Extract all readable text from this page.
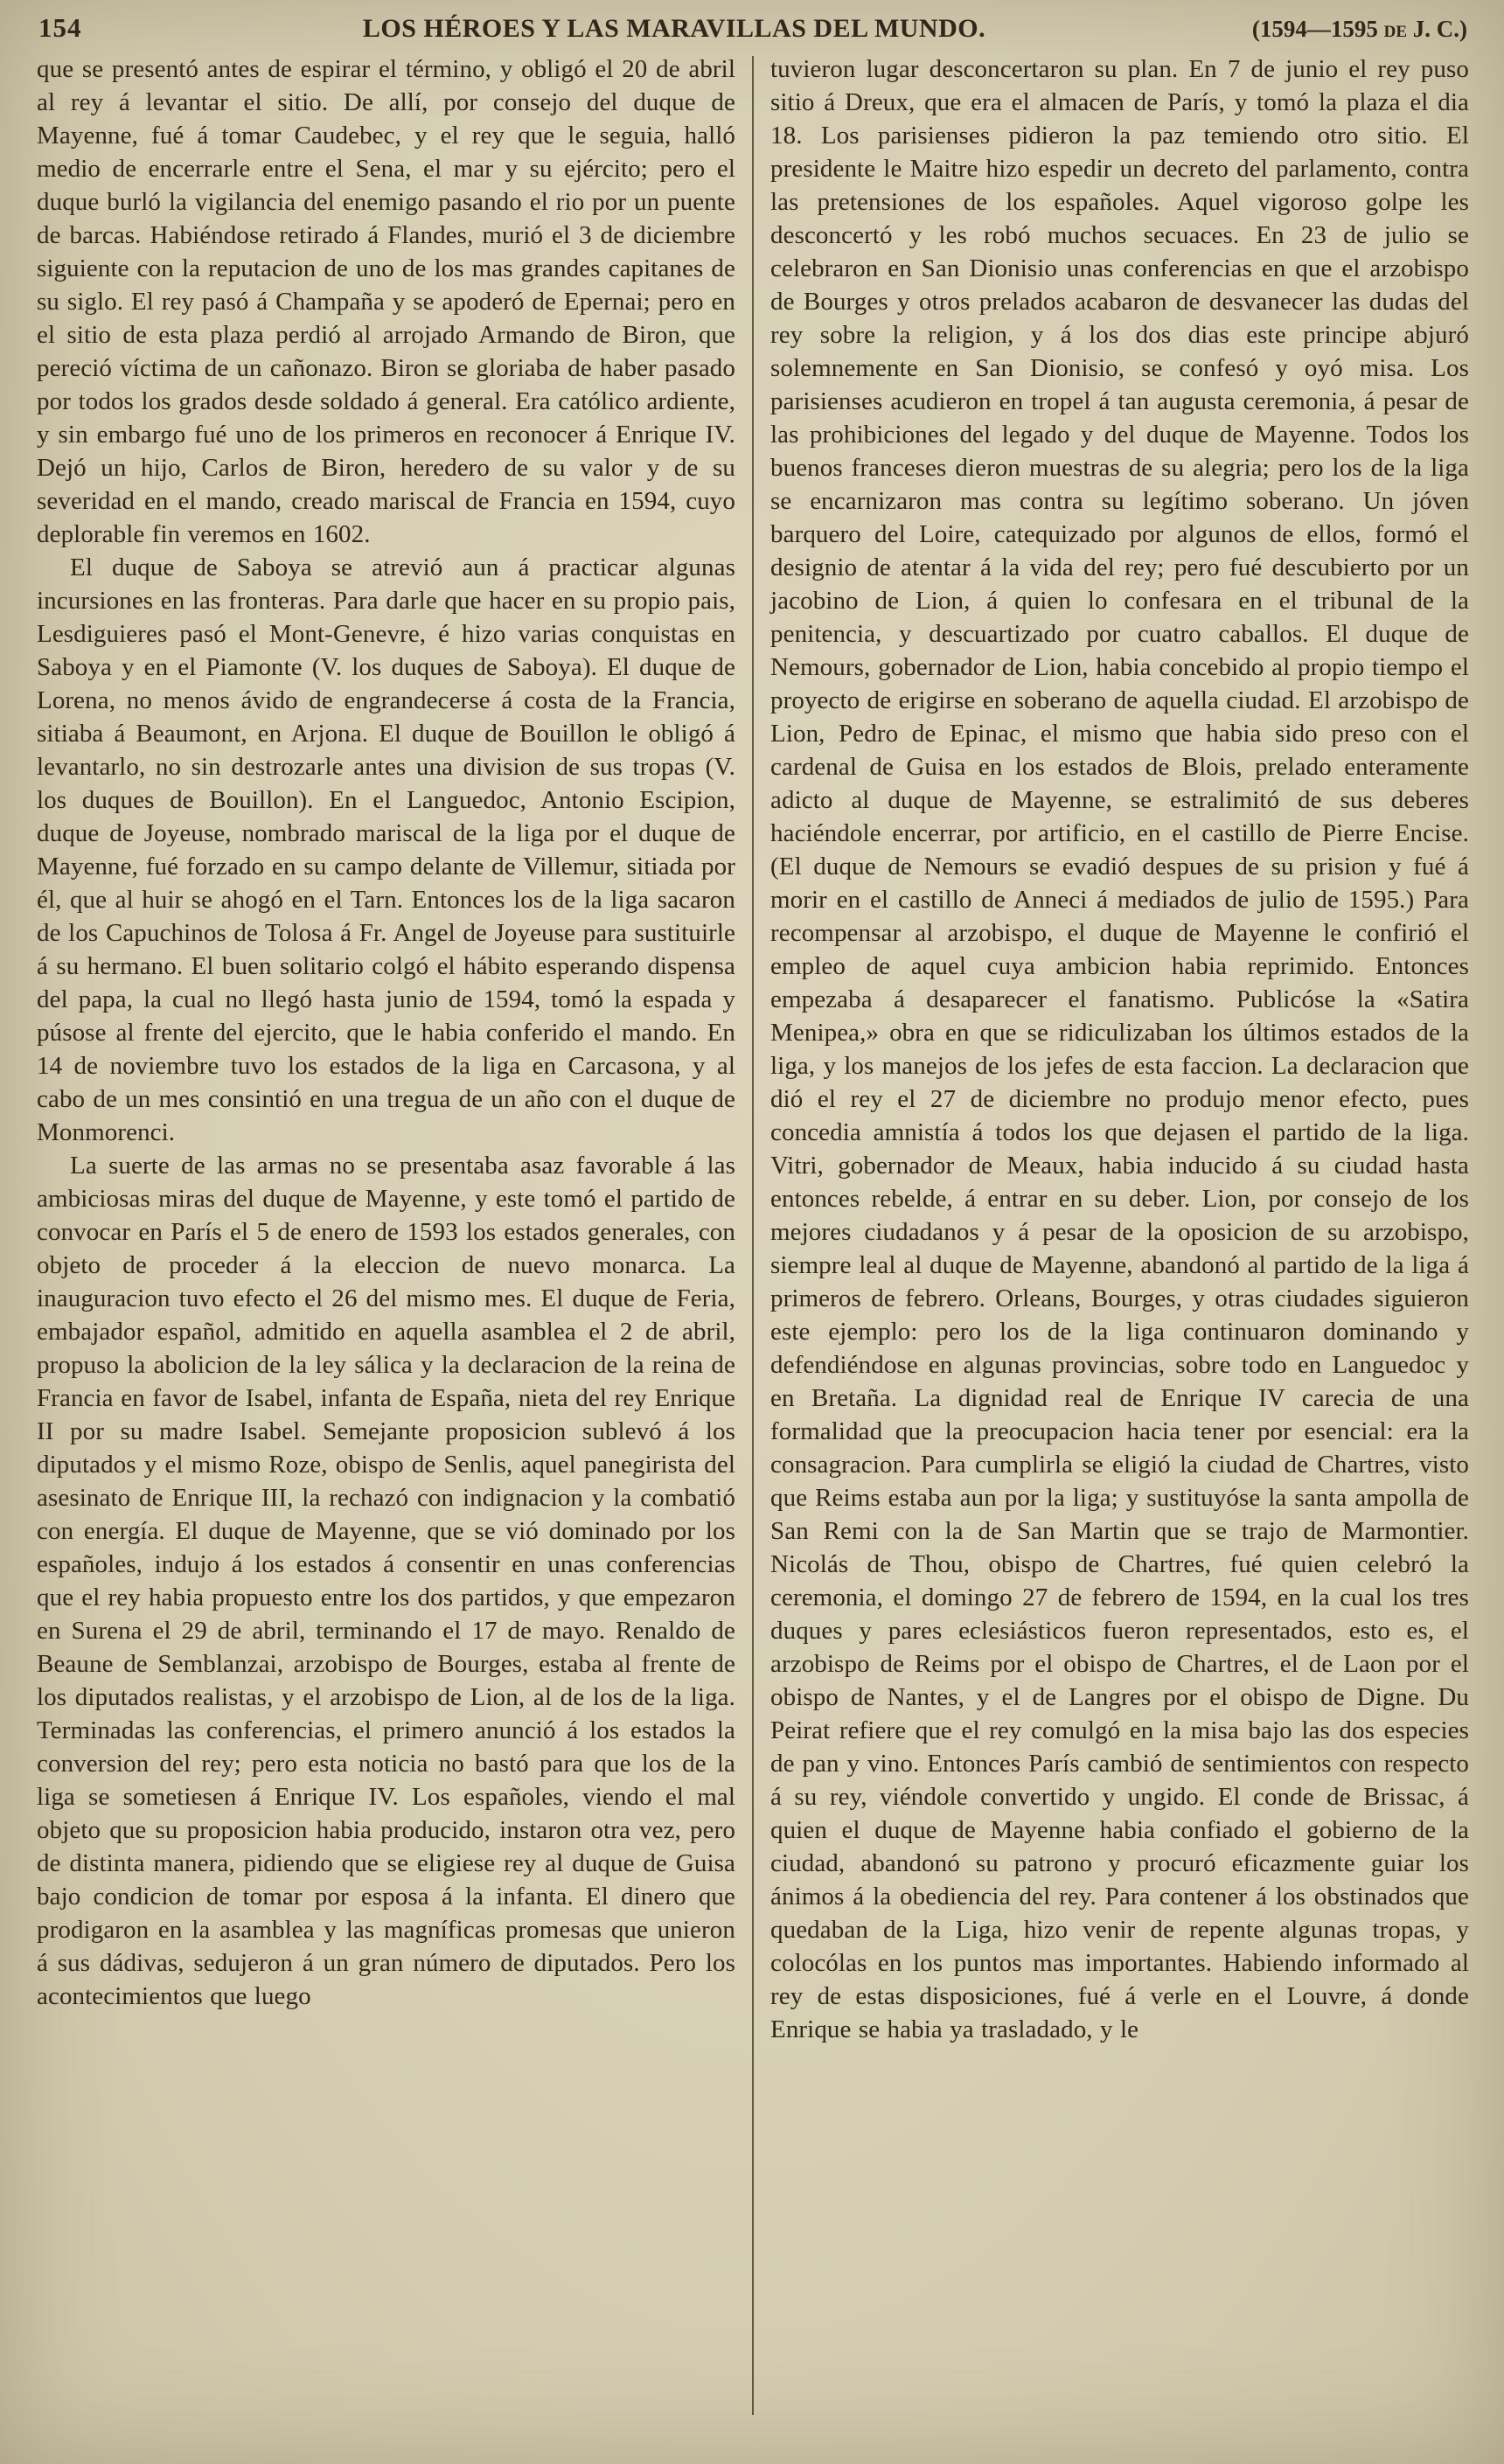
154	LOS HÉROES Y LAS MARAVILLAS DEL MUNDO.	(1594—1595 de J. C.)

que se presentó antes de espirar el término, y obligó el 20 de abril al rey á levantar el sitio. De allí, por consejo del duque de Mayenne, fué á tomar Caudebec, y el rey que le seguia, halló medio de encerrarle entre el Sena, el mar y su ejército; pero el duque burló la vigilancia del enemigo pasando el rio por un puente de barcas. Habiéndose retirado á Flandes, murió el 3 de diciembre siguiente con la reputacion de uno de los mas grandes capitanes de su siglo. El rey pasó á Champaña y se apoderó de Epernai; pero en el sitio de esta plaza perdió al arrojado Armando de Biron, que pereció víctima de un cañonazo. Biron se gloriaba de haber pasado por todos los grados desde soldado á general. Era católico ardiente, y sin embargo fué uno de los primeros en reconocer á Enrique IV. Dejó un hijo, Carlos de Biron, heredero de su valor y de su severidad en el mando, creado mariscal de Francia en 1594, cuyo deplorable fin veremos en 1602.

El duque de Saboya se atrevió aun á practicar algunas incursiones en las fronteras. Para darle que hacer en su propio pais, Lesdiguieres pasó el Mont-Genevre, é hizo varias conquistas en Saboya y en el Piamonte (V. los duques de Saboya). El duque de Lorena, no menos ávido de engrandecerse á costa de la Francia, sitiaba á Beaumont, en Arjona. El duque de Bouillon le obligó á levantarlo, no sin destrozarle antes una division de sus tropas (V. los duques de Bouillon). En el Languedoc, Antonio Escipion, duque de Joyeuse, nombrado mariscal de la liga por el duque de Mayenne, fué forzado en su campo delante de Villemur, sitiada por él, que al huir se ahogó en el Tarn. Entonces los de la liga sacaron de los Capuchinos de Tolosa á Fr. Angel de Joyeuse para sustituirle á su hermano. El buen solitario colgó el hábito esperando dispensa del papa, la cual no llegó hasta junio de 1594, tomó la espada y púsose al frente del ejercito, que le habia conferido el mando. En 14 de noviembre tuvo los estados de la liga en Carcasona, y al cabo de un mes consintió en una tregua de un año con el duque de Monmorenci.

La suerte de las armas no se presentaba asaz favorable á las ambiciosas miras del duque de Mayenne, y este tomó el partido de convocar en París el 5 de enero de 1593 los estados generales, con objeto de proceder á la eleccion de nuevo monarca. La inauguracion tuvo efecto el 26 del mismo mes. El duque de Feria, embajador español, admitido en aquella asamblea el 2 de abril, propuso la abolicion de la ley sálica y la declaracion de la reina de Francia en favor de Isabel, infanta de España, nieta del rey Enrique II por su madre Isabel. Semejante proposicion sublevó á los diputados y el mismo Roze, obispo de Senlis, aquel panegirista del asesinato de Enrique III, la rechazó con indignacion y la combatió con energía. El duque de Mayenne, que se vió dominado por los españoles, indujo á los estados á consentir en unas conferencias que el rey habia propuesto entre los dos partidos, y que empezaron en Surena el 29 de abril, terminando el 17 de mayo. Renaldo de Beaune de Semblanzai, arzobispo de Bourges, estaba al frente de los diputados realistas, y el arzobispo de Lion, al de los de la liga. Terminadas las conferencias, el primero anunció á los estados la conversion del rey; pero esta noticia no bastó para que los de la liga se sometiesen á Enrique IV. Los españoles, viendo el mal objeto que su proposicion habia producido, instaron otra vez, pero de distinta manera, pidiendo que se eligiese rey al duque de Guisa bajo condicion de tomar por esposa á la infanta. El dinero que prodigaron en la asamblea y las magníficas promesas que unieron á sus dádivas, sedujeron á un gran número de diputados. Pero los acontecimientos que luego

tuvieron lugar desconcertaron su plan. En 7 de junio el rey puso sitio á Dreux, que era el almacen de París, y tomó la plaza el dia 18. Los parisienses pidieron la paz temiendo otro sitio. El presidente le Maitre hizo espedir un decreto del parlamento, contra las pretensiones de los españoles. Aquel vigoroso golpe les desconcertó y les robó muchos secuaces. En 23 de julio se celebraron en San Dionisio unas conferencias en que el arzobispo de Bourges y otros prelados acabaron de desvanecer las dudas del rey sobre la religion, y á los dos dias este principe abjuró solemnemente en San Dionisio, se confesó y oyó misa. Los parisienses acudieron en tropel á tan augusta ceremonia, á pesar de las prohibiciones del legado y del duque de Mayenne. Todos los buenos franceses dieron muestras de su alegria; pero los de la liga se encarnizaron mas contra su legítimo soberano. Un jóven barquero del Loire, catequizado por algunos de ellos, formó el designio de atentar á la vida del rey; pero fué descubierto por un jacobino de Lion, á quien lo confesara en el tribunal de la penitencia, y descuartizado por cuatro caballos. El duque de Nemours, gobernador de Lion, habia concebido al propio tiempo el proyecto de erigirse en soberano de aquella ciudad. El arzobispo de Lion, Pedro de Epinac, el mismo que habia sido preso con el cardenal de Guisa en los estados de Blois, prelado enteramente adicto al duque de Mayenne, se estralimitó de sus deberes haciéndole encerrar, por artificio, en el castillo de Pierre Encise. (El duque de Nemours se evadió despues de su prision y fué á morir en el castillo de Anneci á mediados de julio de 1595.) Para recompensar al arzobispo, el duque de Mayenne le confirió el empleo de aquel cuya ambicion habia reprimido. Entonces empezaba á desaparecer el fanatismo. Publicóse la «Satira Menipea,» obra en que se ridiculizaban los últimos estados de la liga, y los manejos de los jefes de esta faccion. La declaracion que dió el rey el 27 de diciembre no produjo menor efecto, pues concedia amnistía á todos los que dejasen el partido de la liga. Vitri, gobernador de Meaux, habia inducido á su ciudad hasta entonces rebelde, á entrar en su deber. Lion, por consejo de los mejores ciudadanos y á pesar de la oposicion de su arzobispo, siempre leal al duque de Mayenne, abandonó al partido de la liga á primeros de febrero. Orleans, Bourges, y otras ciudades siguieron este ejemplo: pero los de la liga continuaron dominando y defendiéndose en algunas provincias, sobre todo en Languedoc y en Bretaña. La dignidad real de Enrique IV carecia de una formalidad que la preocupacion hacia tener por esencial: era la consagracion. Para cumplirla se eligió la ciudad de Chartres, visto que Reims estaba aun por la liga; y sustituyóse la santa ampolla de San Remi con la de San Martin que se trajo de Marmontier. Nicolás de Thou, obispo de Chartres, fué quien celebró la ceremonia, el domingo 27 de febrero de 1594, en la cual los tres duques y pares eclesiásticos fueron representados, esto es, el arzobispo de Reims por el obispo de Chartres, el de Laon por el obispo de Nantes, y el de Langres por el obispo de Digne. Du Peirat refiere que el rey comulgó en la misa bajo las dos especies de pan y vino. Entonces París cambió de sentimientos con respecto á su rey, viéndole convertido y ungido. El conde de Brissac, á quien el duque de Mayenne habia confiado el gobierno de la ciudad, abandonó su patrono y procuró eficazmente guiar los ánimos á la obediencia del rey. Para contener á los obstinados que quedaban de la Liga, hizo venir de repente algunas tropas, y colocólas en los puntos mas importantes. Habiendo informado al rey de estas disposiciones, fué á verle en el Louvre, á donde Enrique se habia ya trasladado, y le
